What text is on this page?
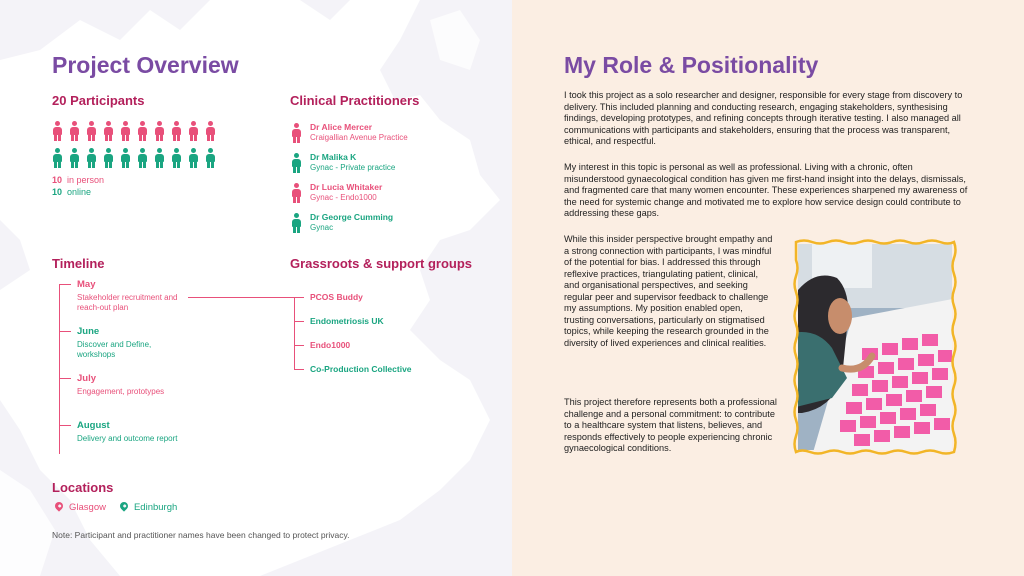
Project Overview
20 Participants
10 in person
10 online
Clinical Practitioners
Dr Alice Mercer
Craigallian Avenue Practice
Dr Malika K
Gynac - Private practice
Dr Lucia Whitaker
Gynac - Endo1000
Dr George Cumming
Gynac
Timeline
May
Stakeholder recruitment and reach-out plan
June
Discover and Define, workshops
July
Engagement, prototypes
August
Delivery and outcome report
Grassroots & support groups
PCOS Buddy
Endometriosis UK
Endo1000
Co-Production Collective
Locations
Glasgow	Edinburgh
Note: Participant and practitioner names have been changed to protect privacy.
My Role & Positionality
I took this project as a solo researcher and designer, responsible for every stage from discovery to delivery. This included planning and conducting research, engaging stakeholders, synthesising findings, developing prototypes, and refining concepts through iterative testing. I also managed all communications with participants and stakeholders, ensuring that the process was transparent, ethical, and respectful.
My interest in this topic is personal as well as professional. Living with a chronic, often misunderstood gynaecological condition has given me first-hand insight into the delays, dismissals, and fragmented care that many women encounter. These experiences sharpened my awareness of the need for systemic change and motivated me to explore how service design could contribute to addressing these gaps.
While this insider perspective brought empathy and a strong connection with participants, I was mindful of the potential for bias. I addressed this through reflexive practices, triangulating patient, clinical, and organisational perspectives, and seeking regular peer and supervisor feedback to challenge my assumptions. My position enabled open, trusting conversations, particularly on stigmatised topics, while keeping the research grounded in the diversity of lived experiences and clinical realities.
This project therefore represents both a professional challenge and a personal commitment: to contribute to a healthcare system that listens, believes, and responds effectively to people experiencing chronic gynaecological conditions.
